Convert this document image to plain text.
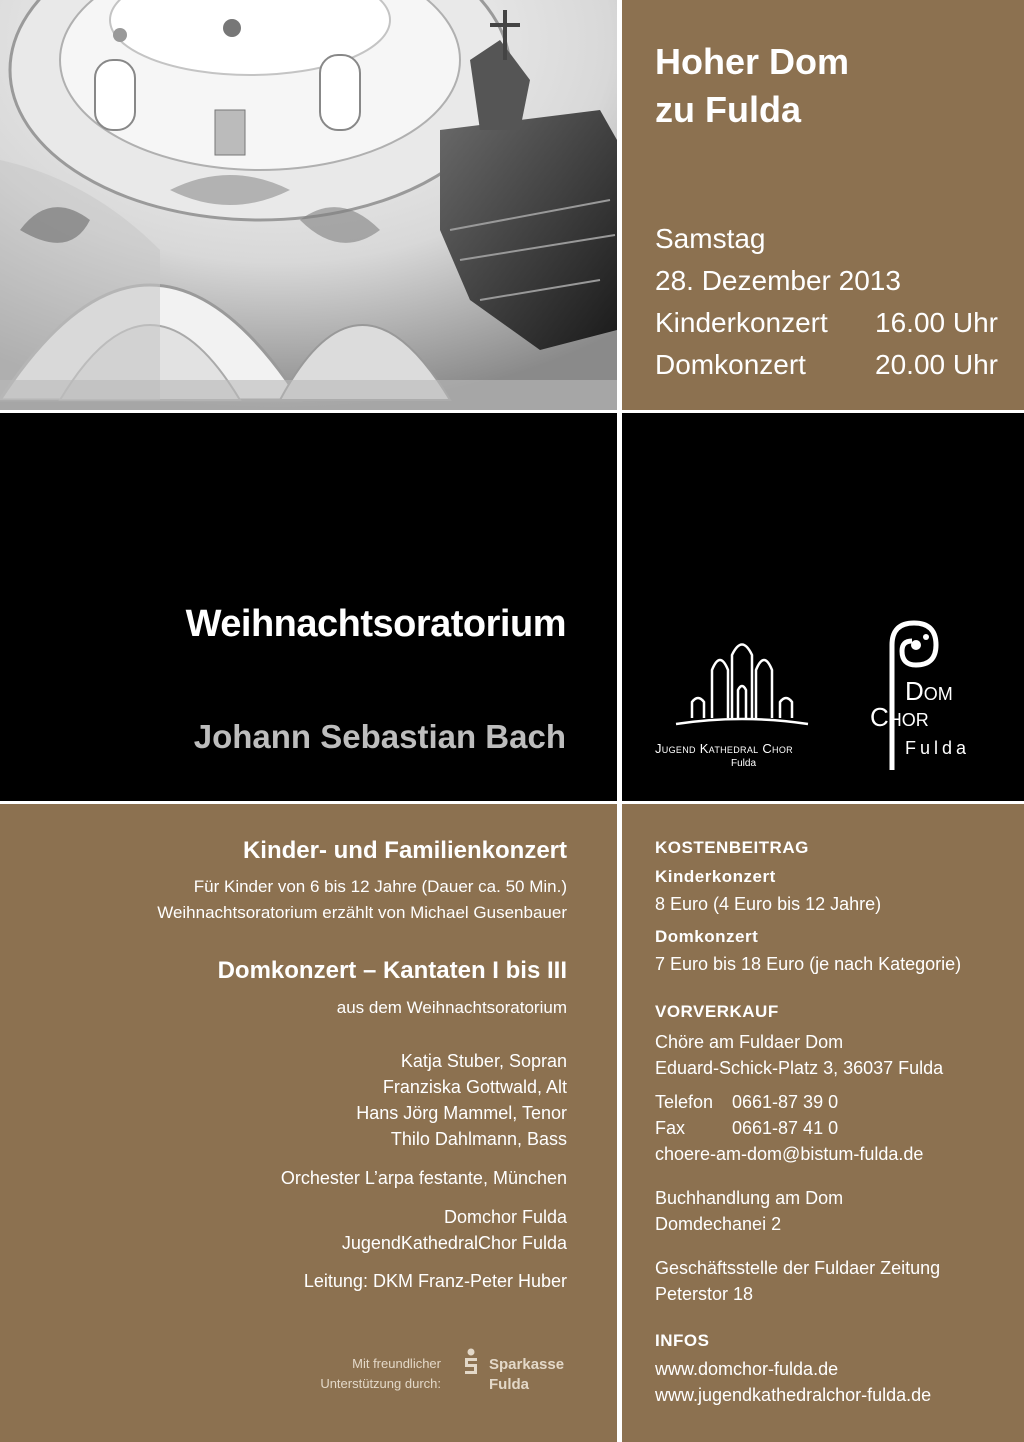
Hoher Dom
zu Fulda
Samstag
28. Dezember 2013
Kinderkonzert 16.00 Uhr
Domkonzert 20.00 Uhr
Weihnachtsoratorium
Johann Sebastian Bach	Jugend Kathedral Chor
Fulda
Dom
Chor
Fulda
Kinder- und Familienkonzert
Für Kinder von 6 bis 12 Jahre (Dauer ca. 50 Min.)
Weihnachtsoratorium erzählt von Michael Gusenbauer
Domkonzert – Kantaten I bis III
aus dem Weihnachtsoratorium
Katja Stuber, Sopran
Franziska Gottwald, Alt
Hans Jörg Mammel, Tenor
Thilo Dahlmann, Bass
Orchester L’arpa festante, München
Domchor Fulda
JugendKathedralChor Fulda
Leitung: DKM Franz-Peter Huber
Mit freundlicher
Unterstützung durch:
Sparkasse
Fulda
KOSTENBEITRAG
Kinderkonzert
8 Euro (4 Euro bis 12 Jahre)
Domkonzert
7 Euro bis 18 Euro (je nach Kategorie)
VORVERKAUF
Chöre am Fuldaer Dom
Eduard-Schick-Platz 3, 36037 Fulda
Telefon 0661-87 39 0
Fax	0661-87 41 0
choere-am-dom@bistum-fulda.de
Buchhandlung am Dom
Domdechanei 2
Geschäftsstelle der Fuldaer Zeitung
Peterstor 18
INFOS
www.domchor-fulda.de
www.jugendkathedralchor-fulda.de
